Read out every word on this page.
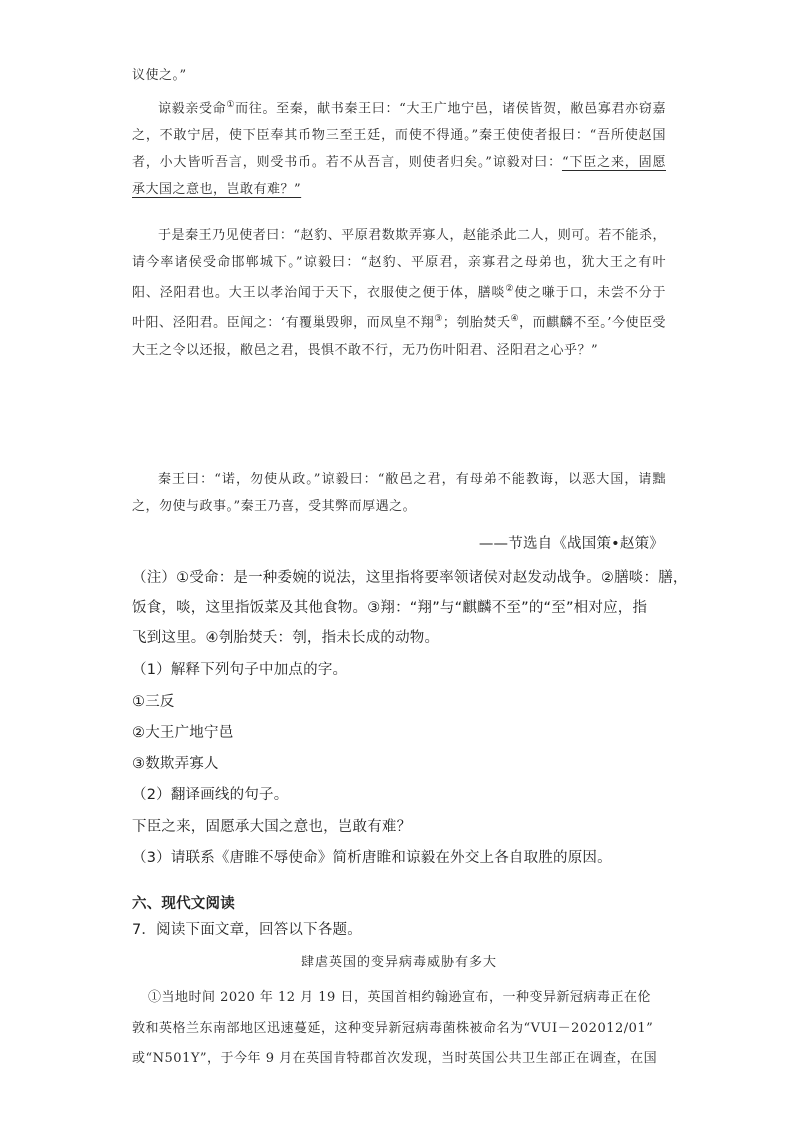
议使之。”

谅毅亲受命①而往。至秦，献书秦王曰：“大王广地宁邑，诸侯皆贺，敝邑寡君亦窃嘉之，不敢宁居，使下臣奉其币物三至王廷，而使不得通。”秦王使使者报曰：“吾所使赵国者，小大皆听吾言，则受书币。若不从吾言，则使者归矣。”谅毅对曰：“下臣之来，固愿承大国之意也，岂敢有难？”

于是秦王乃见使者曰：“赵豹、平原君数欺弄寡人，赵能杀此二人，则可。若不能杀，请今率诸侯受命邯郸城下。”谅毅曰：“赵豹、平原君，亲寡君之母弟也，犹大王之有叶阳、泾阳君也。大王以孝治闻于天下，衣服使之便于体，膳啖②使之嗛于口，未尝不分于叶阳、泾阳君。臣闻之：‘有覆巢毁卵，而凤皇不翔③；刳胎焚夭④，而麒麟不至。’今使臣受大王之令以还报，敝邑之君，畏惧不敢不行，无乃伤叶阳君、泾阳君之心乎？”

秦王曰：“诺，勿使从政。”谅毅曰：“敝邑之君，有母弟不能教诲，以恶大国，请黜之，勿使与政事。”秦王乃喜，受其弊而厚遇之。

——节选自《战国策•赵策》

（注）①受命：是一种委婉的说法，这里指将要率领诸侯对赵发动战争。②膳啖：膳，

饭食，啖，这里指饭菜及其他食物。③翔：“翔”与“麒麟不至”的“至”相对应，指

飞到这里。④刳胎焚夭：刳，指未长成的动物。

（1）解释下列句子中加点的字。

①三反

②大王广地宁邑

③数欺弄寡人

（2）翻译画线的句子。

下臣之来，固愿承大国之意也，岂敢有难？

（3）请联系《唐睢不辱使命》简析唐睢和谅毅在外交上各自取胜的原因。

六、现代文阅读

7．阅读下面文章，回答以下各题。

肆虐英国的变异病毒威胁有多大

①当地时间 2020 年 12 月 19 日，英国首相约翰逊宣布，一种变异新冠病毒正在伦

敦和英格兰东南部地区迅速蔓延，这种变异新冠病毒菌株被命名为“VUI－202012/01”

或“N501Y”，于今年 9 月在英国肯特郡首次发现，当时英国公共卫生部正在调查，在国
